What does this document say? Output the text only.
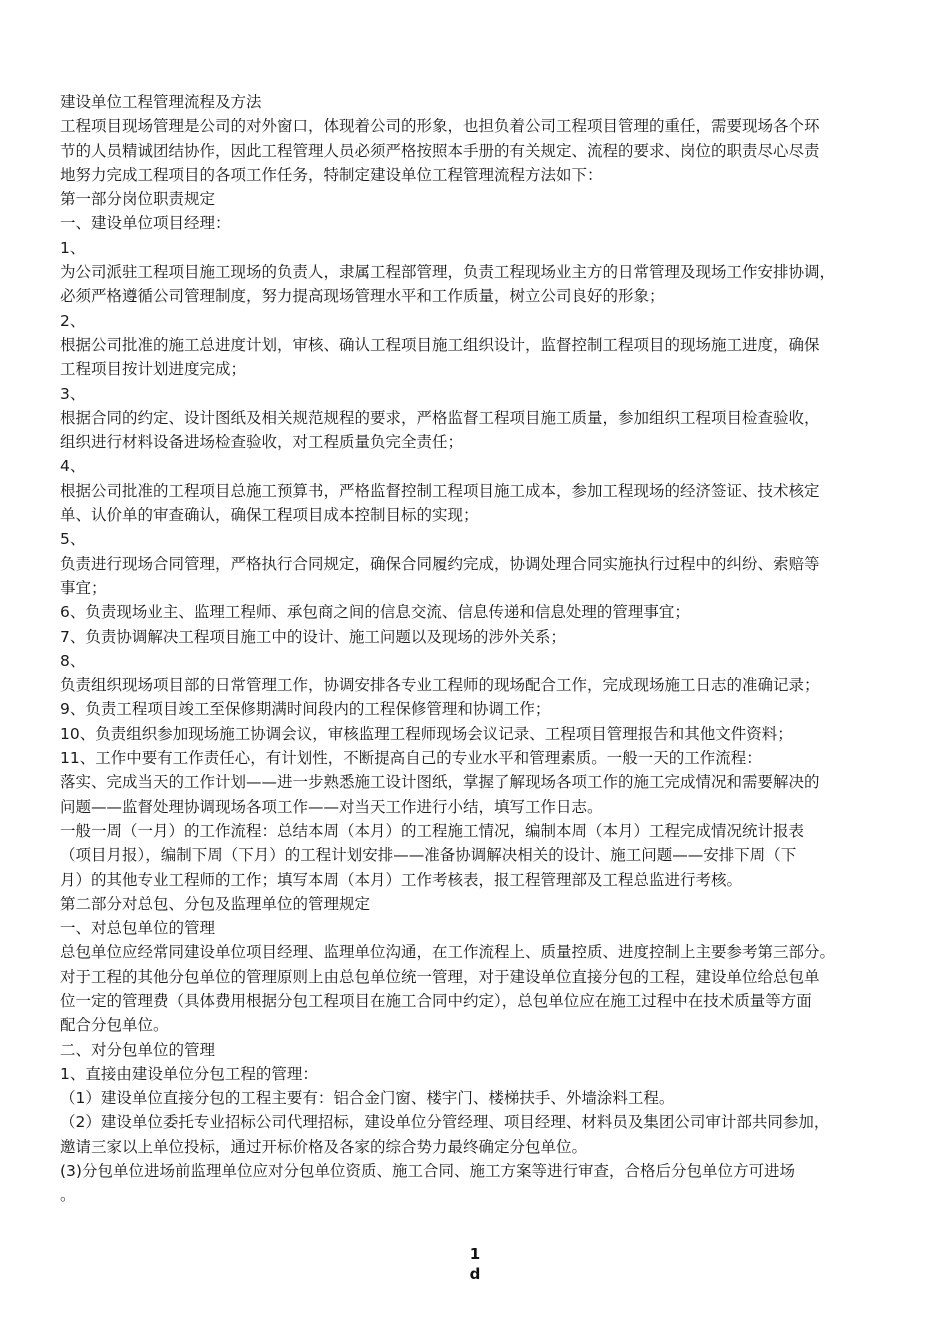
建设单位工程管理流程及方法
工程项目现场管理是公司的对外窗口，体现着公司的形象，也担负着公司工程项目管理的重任，需要现场各个环
节的人员精诚团结协作，因此工程管理人员必须严格按照本手册的有关规定、流程的要求、岗位的职责尽心尽责
地努力完成工程项目的各项工作任务，特制定建设单位工程管理流程方法如下：
第一部分岗位职责规定
一、建设单位项目经理：
1、
为公司派驻工程项目施工现场的负责人，隶属工程部管理，负责工程现场业主方的日常管理及现场工作安排协调，
必须严格遵循公司管理制度，努力提高现场管理水平和工作质量，树立公司良好的形象；
2、
根据公司批准的施工总进度计划，审核、确认工程项目施工组织设计，监督控制工程项目的现场施工进度，确保
工程项目按计划进度完成；
3、
根据合同的约定、设计图纸及相关规范规程的要求，严格监督工程项目施工质量，参加组织工程项目检查验收，
组织进行材料设备进场检查验收，对工程质量负完全责任；
4、
根据公司批准的工程项目总施工预算书，严格监督控制工程项目施工成本，参加工程现场的经济签证、技术核定
单、认价单的审查确认，确保工程项目成本控制目标的实现；
5、
负责进行现场合同管理，严格执行合同规定，确保合同履约完成，协调处理合同实施执行过程中的纠纷、索赔等
事宜；
6、负责现场业主、监理工程师、承包商之间的信息交流、信息传递和信息处理的管理事宜；
7、负责协调解决工程项目施工中的设计、施工问题以及现场的涉外关系；
8、
负责组织现场项目部的日常管理工作，协调安排各专业工程师的现场配合工作，完成现场施工日志的准确记录；
9、负责工程项目竣工至保修期满时间段内的工程保修管理和协调工作；
10、负责组织参加现场施工协调会议，审核监理工程师现场会议记录、工程项目管理报告和其他文件资料；
11、工作中要有工作责任心，有计划性，不断提高自己的专业水平和管理素质。一般一天的工作流程：
落实、完成当天的工作计划——进一步熟悉施工设计图纸，掌握了解现场各项工作的施工完成情况和需要解决的
问题——监督处理协调现场各项工作——对当天工作进行小结，填写工作日志。
一般一周（一月）的工作流程：总结本周（本月）的工程施工情况，编制本周（本月）工程完成情况统计报表
（项目月报），编制下周（下月）的工程计划安排——准备协调解决相关的设计、施工问题——安排下周（下
月）的其他专业工程师的工作；填写本周（本月）工作考核表，报工程管理部及工程总监进行考核。
第二部分对总包、分包及监理单位的管理规定
一、对总包单位的管理
总包单位应经常同建设单位项目经理、监理单位沟通，在工作流程上、质量控质、进度控制上主要参考第三部分。
对于工程的其他分包单位的管理原则上由总包单位统一管理，对于建设单位直接分包的工程，建设单位给总包单
位一定的管理费（具体费用根据分包工程项目在施工合同中约定），总包单位应在施工过程中在技术质量等方面
配合分包单位。
二、对分包单位的管理
1、直接由建设单位分包工程的管理：
（1）建设单位直接分包的工程主要有：铝合金门窗、楼宇门、楼梯扶手、外墙涂料工程。
（2）建设单位委托专业招标公司代理招标，建设单位分管经理、项目经理、材料员及集团公司审计部共同参加，
邀请三家以上单位投标，通过开标价格及各家的综合势力最终确定分包单位。
(3)分包单位进场前监理单位应对分包单位资质、施工合同、施工方案等进行审查，合格后分包单位方可进场
。
1
d
